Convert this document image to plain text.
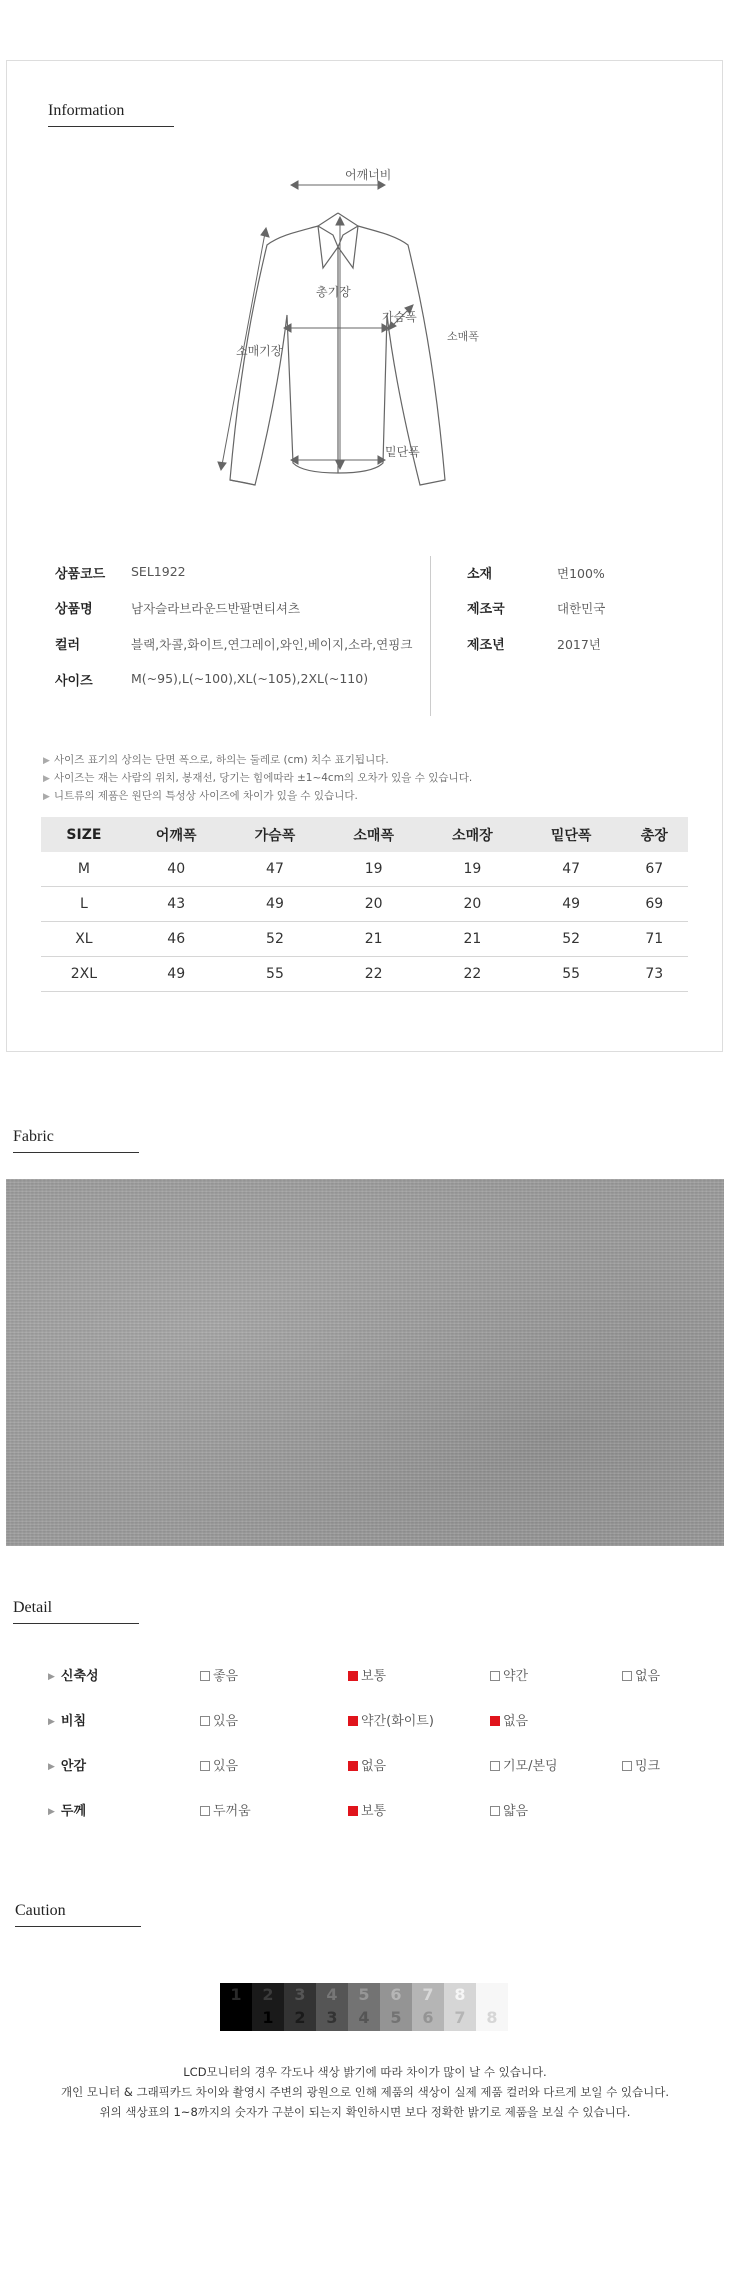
Information
어깨너비
총기장
가슴폭
소매폭
소매기장
밑단폭
상품코드 SEL1922
상품명	남자슬라브라운드반팔면티셔츠
컬러	블랙,차콜,화이트,연그레이,와인,베이지,소라,연핑크
사이즈	M(~95),L(~100),XL(~105),2XL(~110)
소재	면100%
제조국	대한민국
제조년	2017년
▶ 사이즈 표기의 상의는 단면 폭으로, 하의는 둘레로 (cm) 치수 표기됩니다.
▶ 사이즈는 재는 사람의 위치, 봉재선, 당기는 힘에따라 ±1~4cm의 오차가 있을 수 있습니다.
▶ 니트류의 제품은 원단의 특성상 사이즈에 차이가 있을 수 있습니다.
SIZE	어깨폭	가슴폭	소매폭	소매장	밑단폭	총장
M	40	47	19	19	47	67
L	43	49	20	20	49	69
XL	46	52	21	21	52	71
2XL	49	55	22	22	55	73
Fabric
Detail
▶ 신축성	좋음	보통	약간	없음
▶ 비침	있음	약간(화이트)	없음
▶ 안감	있음	없음	기모/본딩	밍크
▶ 두께	두꺼움	보통	얇음
Caution
1	2
1
3
2
4
3
5
4
6
5
7
6
8
7	8
LCD모니터의 경우 각도나 색상 밝기에 따라 차이가 많이 날 수 있습니다.
개인 모니터 & 그래픽카드 차이와 촬영시 주변의 광원으로 인해 제품의 색상이 실제 제품 컬러와 다르게 보일 수 있습니다.
위의 색상표의 1~8까지의 숫자가 구분이 되는지 확인하시면 보다 정확한 밝기로 제품을 보실 수 있습니다.
